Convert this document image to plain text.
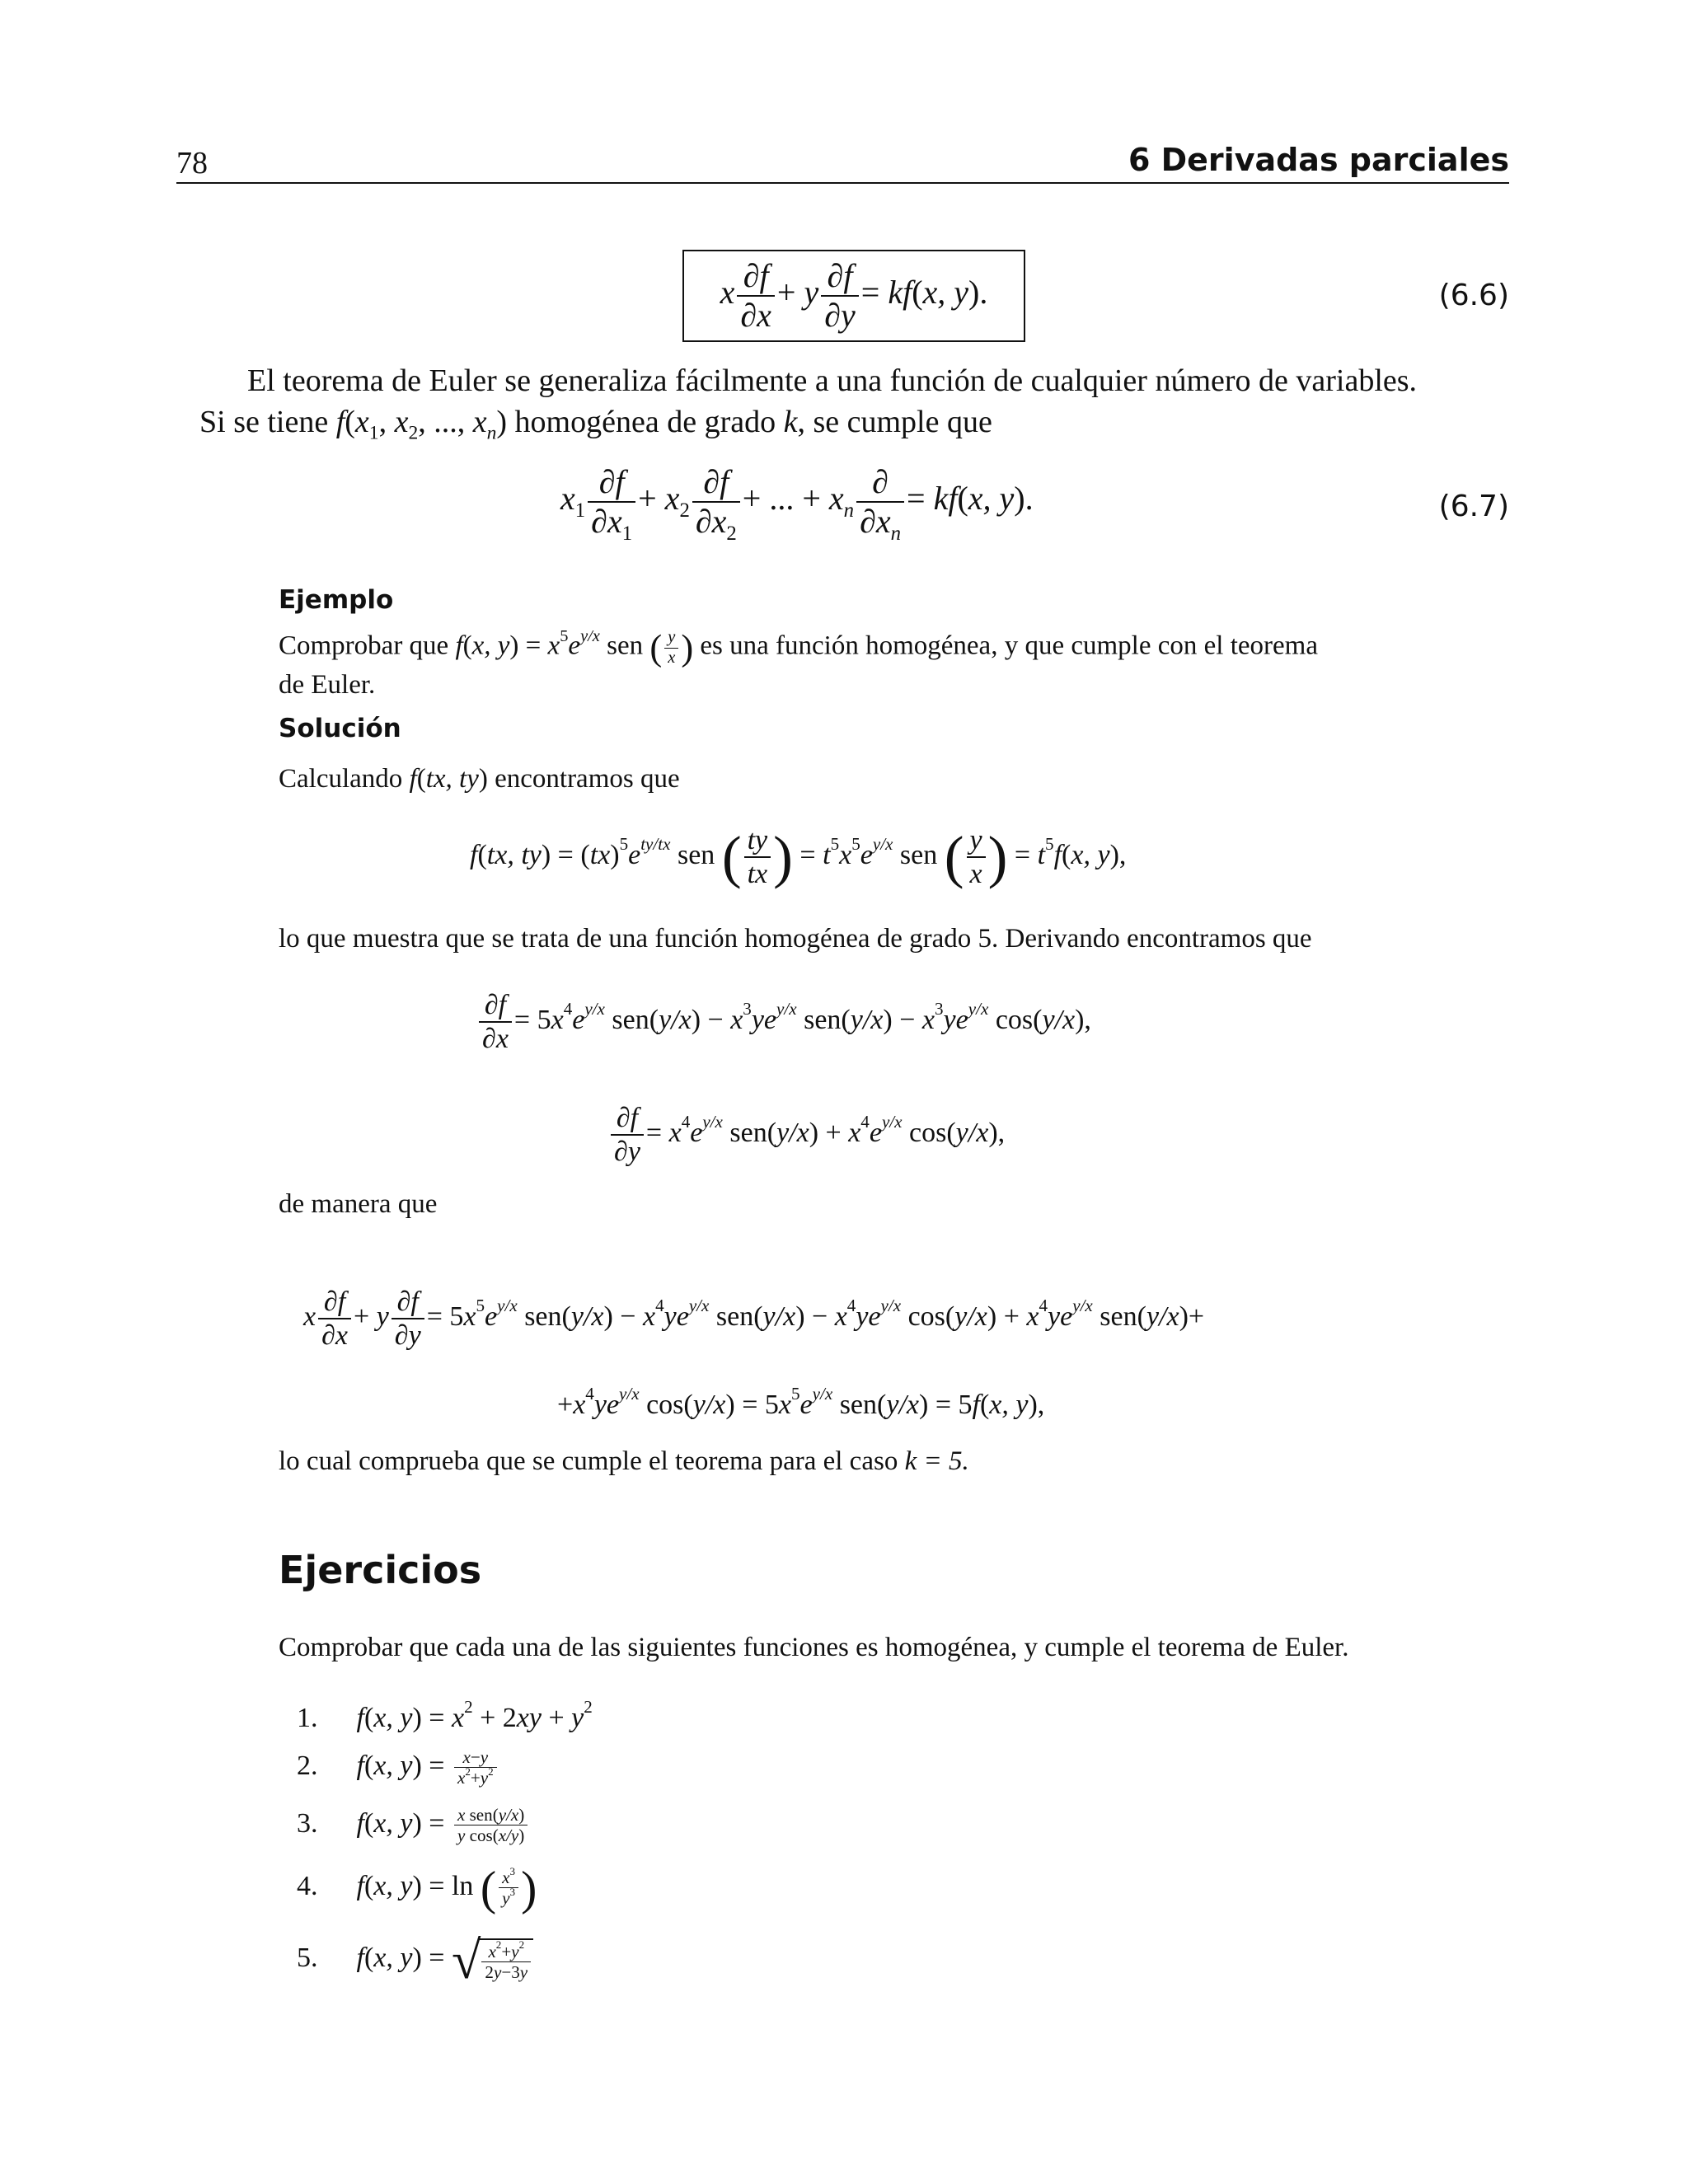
78	6 Derivadas parciales
x $\frac{\partial f}{\partial x} + y \frac{\partial f}{\partial y} = kf(x$, y).	(6.6)
El teorema de Euler se generaliza fácilmente a una función de cualquier número de variables.
Si se tiene $f(x_1$, $x_2$, ..., $x_n$) homogénea de grado k, se cumple que
$x_1 \frac{\partial f}{\partial x_1} + x_2 \frac{\partial f}{\partial x_2}$ + ... + $x_n$
∂
$\partial x_n$
= kf(x, y).	(6.7)
Ejemplo
Comprobar que f(x, $y) = x^5e^{y/x}$ sen ( $\frac{y}{x}$ ) es una función homogénea, y que cumple con el teorema
de Euler.
Solución
Calculando f(tx, ty) encontramos que
f(tx, $ty) = (tx)^5e^{ty/tx}$ sen ( $\frac{ty}{tx}$ ) = $t^5x^5e^{y/x}$ sen ( $\frac{y}{x}$ ) = $t^5f(x$, y),
lo que muestra que se trata de una función homogénea de grado 5. Derivando encontramos que
$\frac{\partial f}{\partial x} = 5x^4e^{y/x}$ $sen(y/x) - x^3ye^{y/x}$ $sen(y/x) - x^3ye^{y/x}$ cos(y/x),
$\frac{\partial f}{\partial y} = x^4e^{y/x}$ $sen(y/x) + x^4e^{y/x}$ cos(y/x),
de manera que
x $\frac{\partial f}{\partial x} + y \frac{\partial f}{\partial y} = 5x^5e^{y/x}$ $sen(y/x) - x^4ye^{y/x}$ $sen(y/x) - x^4ye^{y/x}$ $\cos(y/x) + x^4ye^{y/x}$ sen(y/x)+
$+x^4ye^{y/x}$ $\cos(y/x) = 5x^5e^{y/x}$ sen(y/x) = 5f(x, y),
lo cual comprueba que se cumple el teorema para el caso k = 5.
Ejercicios
Comprobar que cada una de las siguientes funciones es homogénea, y cumple el teorema de Euler.
1. f(x, $y) = x^2 + 2xy + y^2$
2. f(x, $y) = \frac{x-y}{x^2+y^2}$
3. f(x, y) = x sen(y/x)
y cos(x/y)
4. f(x, y) = ln ( $\frac{x^3}{y^3}$ )
5. f(x, y) = √ $\frac{x^2+y^2}{2y-3y}$
